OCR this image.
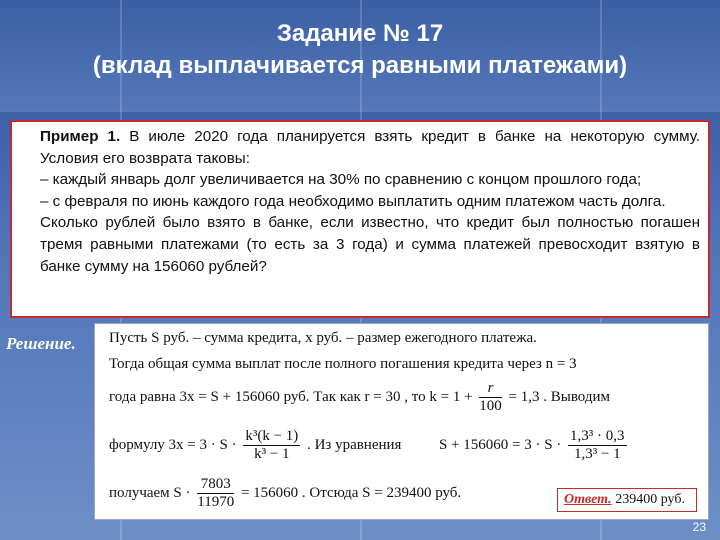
Задание № 17
(вклад выплачивается равными платежами)

Пример 1. В июле 2020 года планируется взять кредит в банке на некоторую сумму. Условия его возврата таковы:

– каждый январь долг увеличивается на 30% по сравнению с концом прошлого года;

– с февраля по июнь каждого года необходимо выплатить одним платежом часть долга.

Сколько рублей было взято в банке, если известно, что кредит был полностью погашен тремя равными платежами (то есть за 3 года) и сумма платежей превосходит взятую в банке сумму на 156060 рублей?

Решение. Пусть S руб. – сумма кредита, x руб. – размер ежегодного платежа.
Тогда общая сумма выплат после полного погашения кредита через n = 3
года равна 3x = S + 156060 руб. Так как r = 30 , то $k = 1 + \frac{r}{100} = 1,3$ . Выводим
формулу $3x = 3 \cdot S \cdot \frac{\text{k³(k − 1)}}{\text{k³ − 1}}$ . Из уравнения	$S + 156060 = 3 \cdot S \cdot \frac{\text{1,3³ · 0,3}}{\text{1,3³ − 1}}$
получаем $S \cdot \frac{7803}{11970} = 156060$ . Отсюда S = 239400 руб.	Ответ. 239400 руб.
23
